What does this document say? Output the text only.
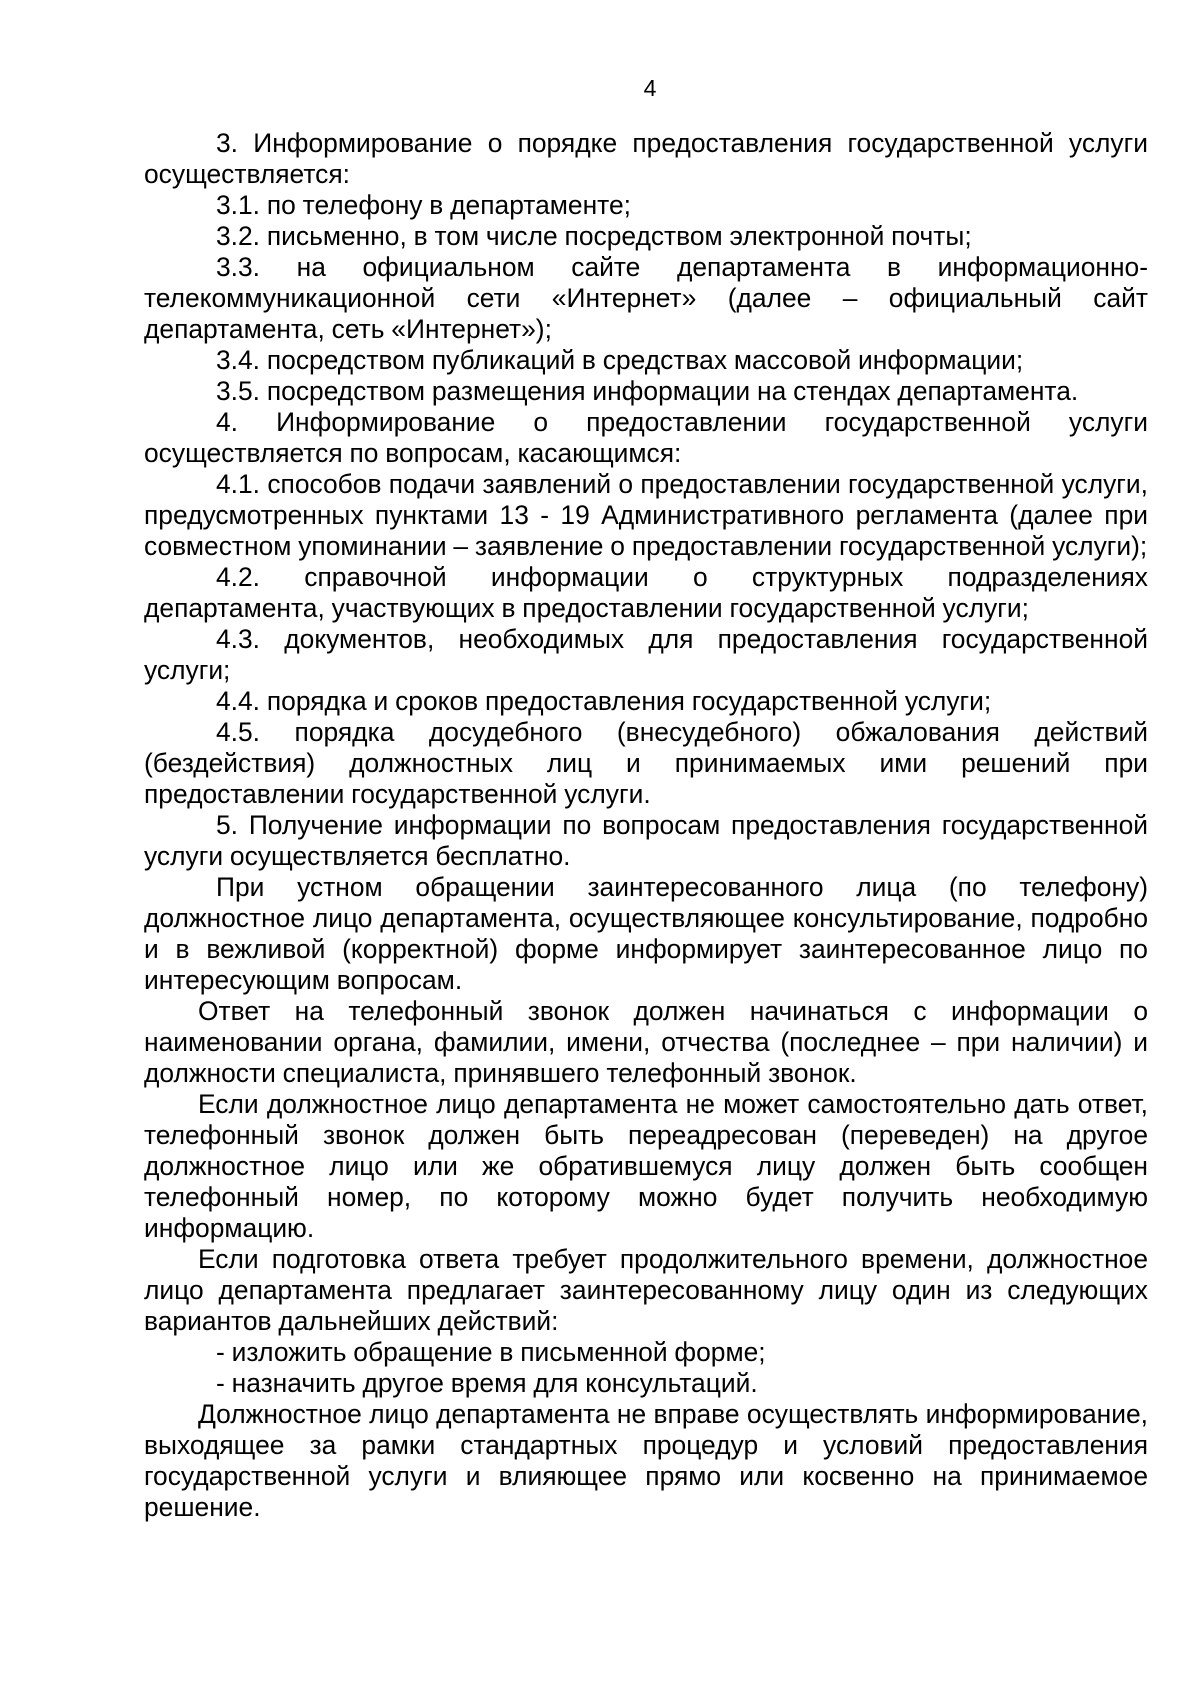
4

3. Информирование о порядке предоставления государственной услуги осуществляется:

3.1. по телефону в департаменте;

3.2. письменно, в том числе посредством электронной почты;

3.3. на официальном сайте департамента в информационно-телекоммуникационной сети «Интернет» (далее – официальный сайт департамента, сеть «Интернет»);

3.4. посредством публикаций в средствах массовой информации;

3.5. посредством размещения информации на стендах департамента.

4. Информирование о предоставлении государственной услуги осуществляется по вопросам, касающимся:

4.1. способов подачи заявлений о предоставлении государственной услуги, предусмотренных пунктами 13 - 19 Административного регламента (далее при совместном упоминании – заявление о предоставлении государственной услуги);

4.2. справочной информации о структурных подразделениях департамента, участвующих в предоставлении государственной услуги;

4.3. документов, необходимых для предоставления государственной услуги;

4.4. порядка и сроков предоставления государственной услуги;

4.5. порядка досудебного (внесудебного) обжалования действий (бездействия) должностных лиц и принимаемых ими решений при предоставлении государственной услуги.

5. Получение информации по вопросам предоставления государственной услуги осуществляется бесплатно.

При устном обращении заинтересованного лица (по телефону) должностное лицо департамента, осуществляющее консультирование, подробно и в вежливой (корректной) форме информирует заинтересованное лицо по интересующим вопросам.

Ответ на телефонный звонок должен начинаться с информации о наименовании органа, фамилии, имени, отчества (последнее – при наличии) и должности специалиста, принявшего телефонный звонок.

Если должностное лицо департамента не может самостоятельно дать ответ, телефонный звонок должен быть переадресован (переведен) на другое должностное лицо или же обратившемуся лицу должен быть сообщен телефонный номер, по которому можно будет получить необходимую информацию.

Если подготовка ответа требует продолжительного времени, должностное лицо департамента предлагает заинтересованному лицу один из следующих вариантов дальнейших действий:

- изложить обращение в письменной форме;

- назначить другое время для консультаций.

Должностное лицо департамента не вправе осуществлять информирование, выходящее за рамки стандартных процедур и условий предоставления государственной услуги и влияющее прямо или косвенно на принимаемое решение.
